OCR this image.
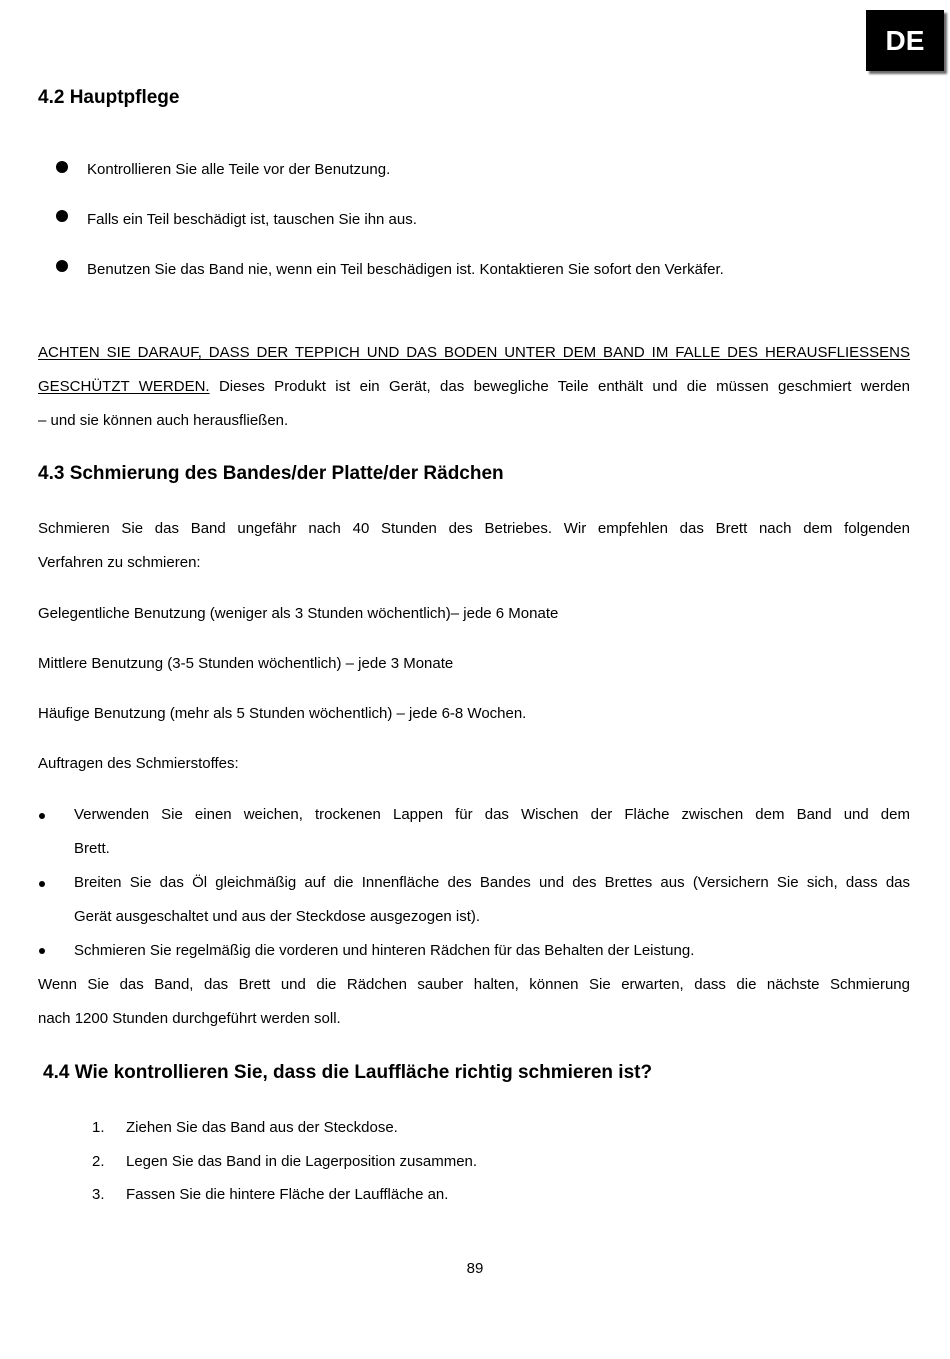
DE
4.2 Hauptpflege
Kontrollieren Sie alle Teile vor der Benutzung.
Falls ein Teil beschädigt ist, tauschen Sie ihn aus.
Benutzen Sie das Band nie, wenn ein Teil beschädigen ist. Kontaktieren Sie sofort den Verkäfer.
ACHTEN SIE DARAUF, DASS DER TEPPICH UND DAS BODEN UNTER DEM BAND IM FALLE DES HERAUSFLIESSENS
GESCHÜTZT WERDEN. Dieses Produkt ist ein Gerät, das bewegliche Teile enthält und die müssen geschmiert werden
– und sie können auch herausfließen.
4.3 Schmierung des Bandes/der Platte/der Rädchen
Schmieren Sie das Band ungefähr nach 40 Stunden des Betriebes. Wir empfehlen das Brett nach dem folgenden
Verfahren zu schmieren:
Gelegentliche Benutzung (weniger als 3 Stunden wöchentlich)– jede 6 Monate
Mittlere Benutzung (3-5 Stunden wöchentlich) – jede 3 Monate
Häufige Benutzung (mehr als 5 Stunden wöchentlich) – jede 6-8 Wochen.
Auftragen des Schmierstoffes:
Verwenden Sie einen weichen, trockenen Lappen für das Wischen der Fläche zwischen dem Band und dem
Brett.
Breiten Sie das Öl gleichmäßig auf die Innenfläche des Bandes und des Brettes aus (Versichern Sie sich, dass das
Gerät ausgeschaltet und aus der Steckdose ausgezogen ist).
Schmieren Sie regelmäßig die vorderen und hinteren Rädchen für das Behalten der Leistung.
Wenn Sie das Band, das Brett und die Rädchen sauber halten, können Sie erwarten, dass die nächste Schmierung
nach 1200 Stunden durchgeführt werden soll.
4.4 Wie kontrollieren Sie, dass die Lauffläche richtig schmieren ist?
1. Ziehen Sie das Band aus der Steckdose.
2. Legen Sie das Band in die Lagerposition zusammen.
3. Fassen Sie die hintere Fläche der Lauffläche an.
89
